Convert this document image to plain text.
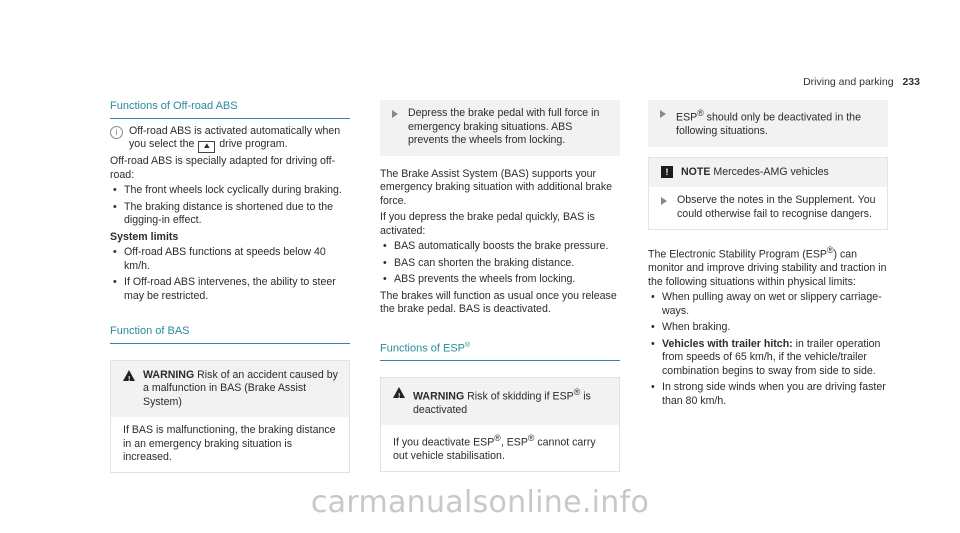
Driving and parking 233
Functions of Off-road ABS
i	Off-road ABS is activated automatically when you select the ⛰ drive program.

Off-road ABS is specially adapted for driving off-road:

• The front wheels lock cyclically during braking.
• The braking distance is shortened due to the digging-in effect.

System limits

• Off-road ABS functions at speeds below 40 km/h.
• If Off-road ABS intervenes, the ability to steer may be restricted.
Function of BAS
! WARNING Risk of an accident caused by a malfunction in BAS (Brake Assist System)

If BAS is malfunctioning, the braking distance in an emergency braking situation is increased.

Depress the brake pedal with full force in emergency braking situations. ABS prevents the wheels from locking.

The Brake Assist System (BAS) supports your emergency braking situation with additional brake force.

If you depress the brake pedal quickly, BAS is activated:

• BAS automatically boosts the brake pressure.
• BAS can shorten the braking distance.
• ABS prevents the wheels from locking.

The brakes will function as usual once you release the brake pedal. BAS is deactivated.

Functions of ESP®
! WARNING Risk of skidding if ESP® is deactivated

If you deactivate ESP®, ESP® cannot carry out vehicle stabilisation.

ESP® should only be deactivated in the following situations.

!	NOTE Mercedes-AMG vehicles

Observe the notes in the Supplement. You could otherwise fail to recognise dangers.

The Electronic Stability Program (ESP®) can monitor and improve driving stability and traction in the following situations within physical limits:

• When pulling away on wet or slippery carriage-ways.
• When braking.
• Vehicles with trailer hitch: in trailer operation from speeds of 65 km/h, if the vehicle/trailer combination begins to sway from side to side.
• In strong side winds when you are driving faster than 80 km/h.
carmanualsonline.info
